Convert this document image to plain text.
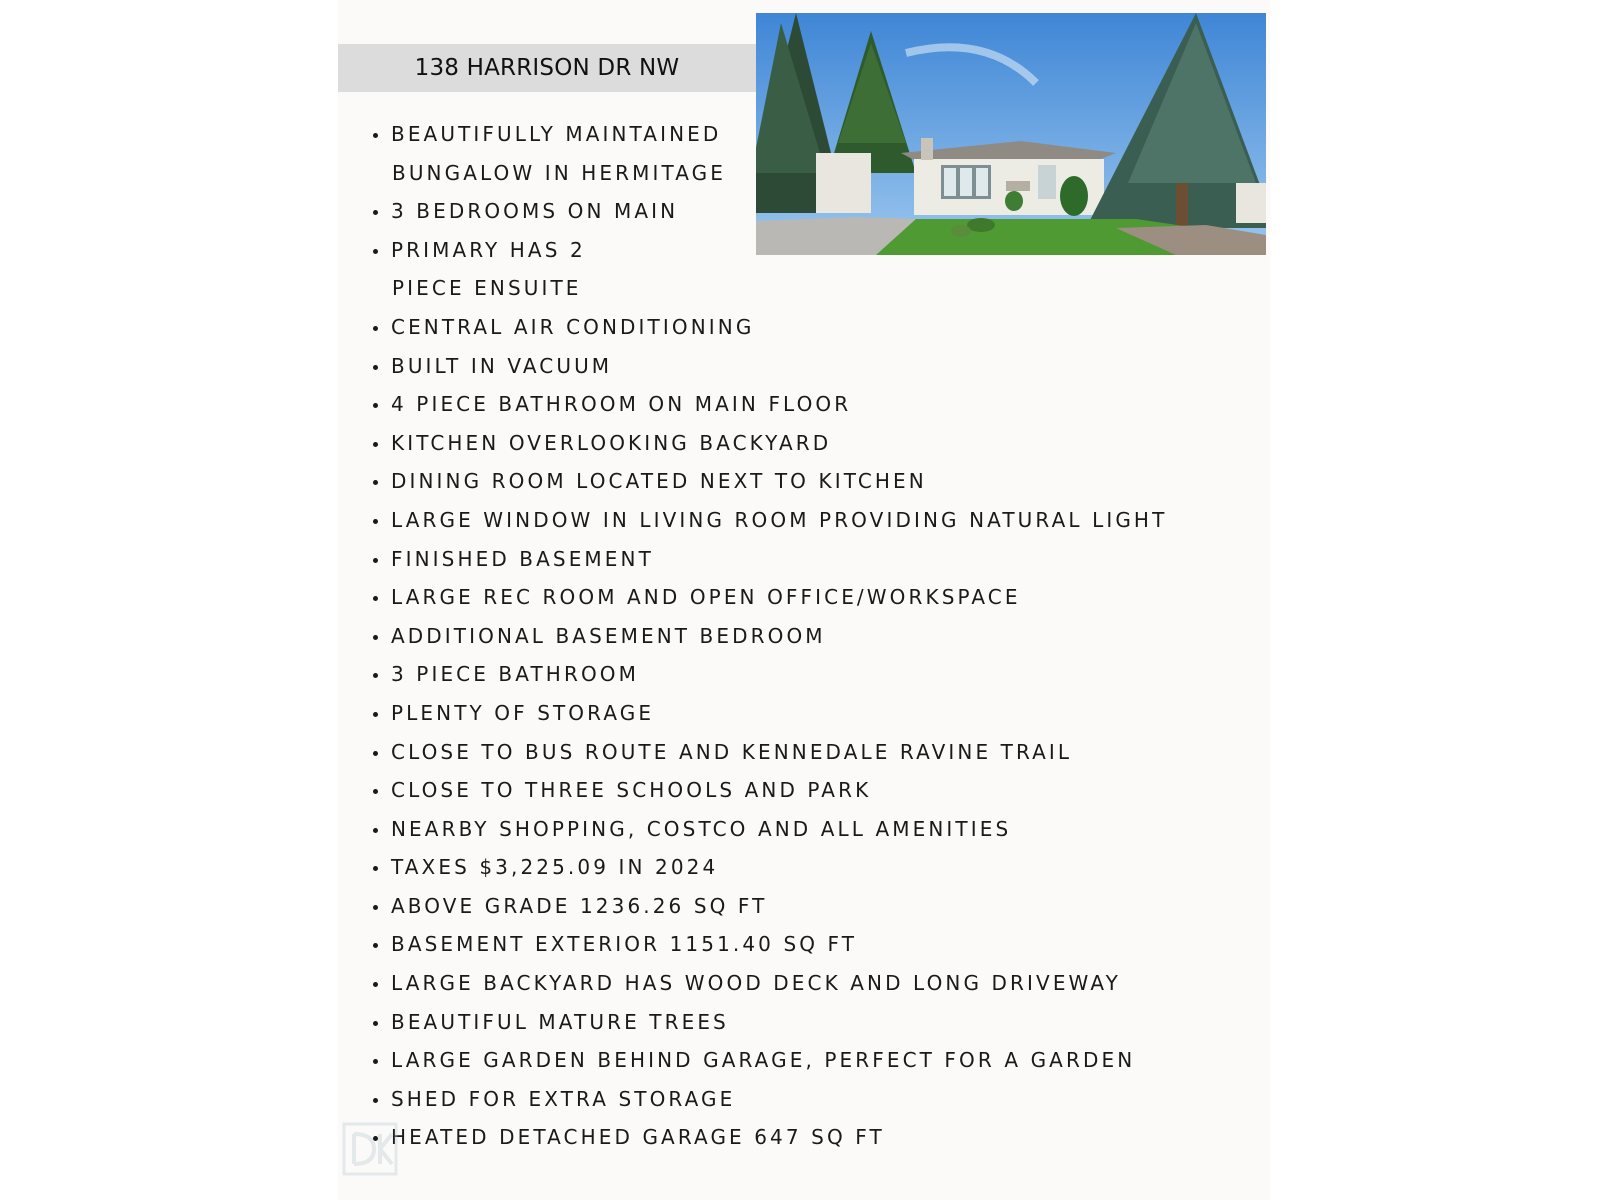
138 HARRISON DR NW
BEAUTIFULLY MAINTAINED
BUNGALOW IN HERMITAGE
3 BEDROOMS ON MAIN
PRIMARY HAS 2
PIECE ENSUITE
CENTRAL AIR CONDITIONING
BUILT IN VACUUM
4 PIECE BATHROOM ON MAIN FLOOR
KITCHEN OVERLOOKING BACKYARD
DINING ROOM LOCATED NEXT TO KITCHEN
LARGE WINDOW IN LIVING ROOM PROVIDING NATURAL LIGHT
FINISHED BASEMENT
LARGE REC ROOM AND OPEN OFFICE/WORKSPACE
ADDITIONAL BASEMENT BEDROOM
3 PIECE BATHROOM
PLENTY OF STORAGE
CLOSE TO BUS ROUTE AND KENNEDALE RAVINE TRAIL
CLOSE TO THREE SCHOOLS AND PARK
NEARBY SHOPPING, COSTCO AND ALL AMENITIES
TAXES $3,225.09 IN 2024
ABOVE GRADE 1236.26 SQ FT
BASEMENT EXTERIOR 1151.40 SQ FT
LARGE BACKYARD HAS WOOD DECK AND LONG DRIVEWAY
BEAUTIFUL MATURE TREES
LARGE GARDEN BEHIND GARAGE, PERFECT FOR A GARDEN
SHED FOR EXTRA STORAGE
HEATED DETACHED GARAGE 647 SQ FT
